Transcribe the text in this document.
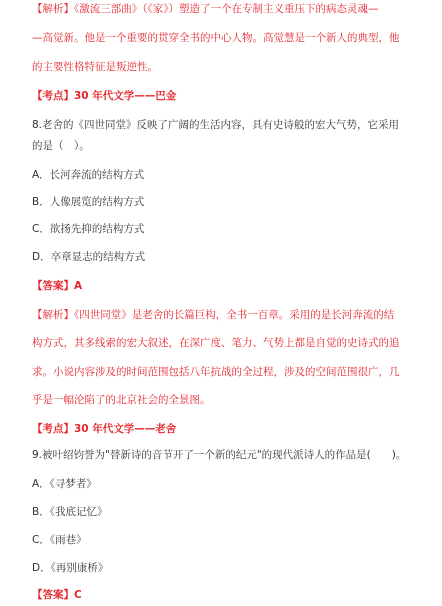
【解析】《激流三部曲》（《家》）塑造了一个在专制主义重压下的病态灵魂—
—高觉新。他是一个重要的贯穿全书的中心人物。高觉慧是一个新人的典型，他
的主要性格特征是叛逆性。
【考点】30 年代文学——巴金
8.老舍的《四世同堂》反映了广阔的生活内容，具有史诗般的宏大气势，它采用
的是（　）。
A．长河奔流的结构方式
B．人像展览的结构方式
C．欲扬先抑的结构方式
D．卒章显志的结构方式
【答案】A
【解析】《四世同堂》是老舍的长篇巨构，全书一百章。采用的是长河奔流的结
构方式，其多线索的宏大叙述，在深广度、笔力、气势上都是自觉的史诗式的追
求。小说内容涉及的时间范围包括八年抗战的全过程，涉及的空间范围很广，几
乎是一幅沦陷了的北京社会的全景图。
【考点】30 年代文学——老舍
9.被叶绍钧誉为"替新诗的音节开了一个新的纪元"的现代派诗人的作品是(　　)。
A．《寻梦者》
B．《我底记忆》
C．《雨巷》
D．《再别康桥》
【答案】C
